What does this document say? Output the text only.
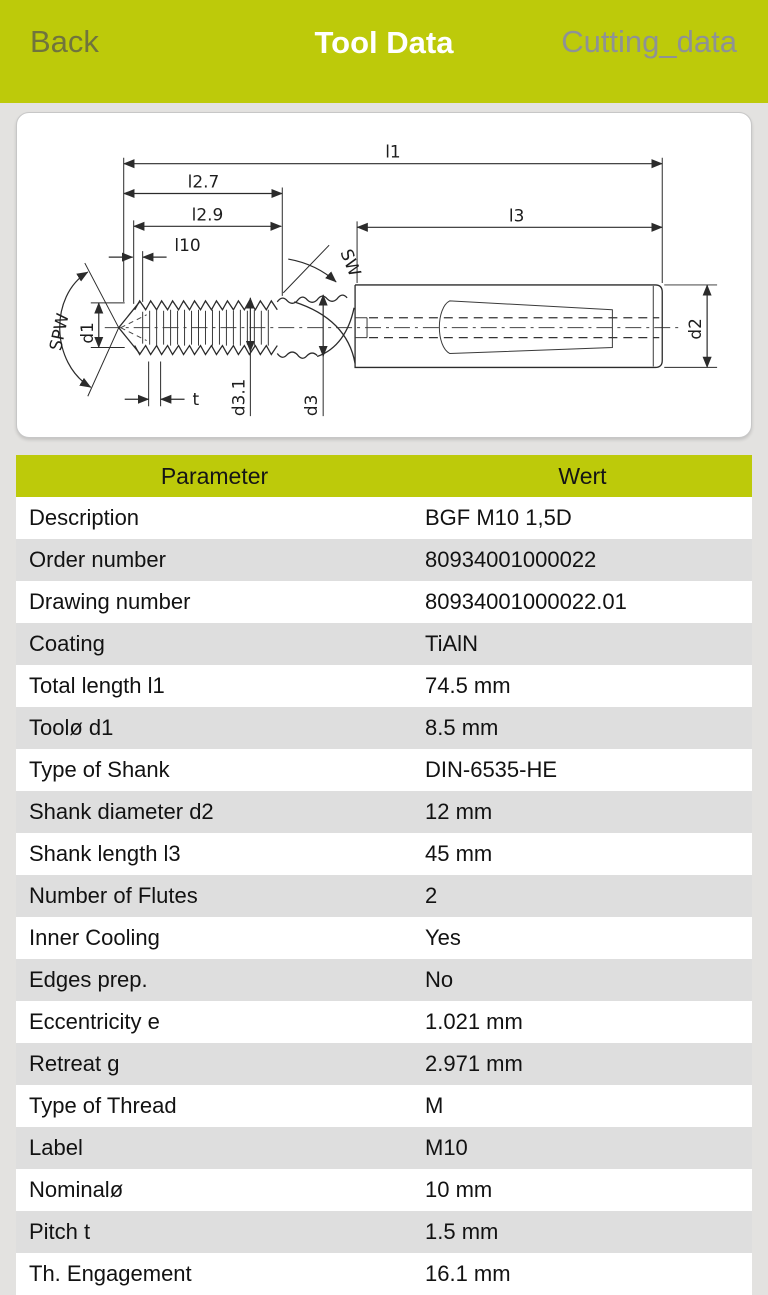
Back	Tool Data	Cutting_data
l1
l2.7
l2.9
l10
l3
d1
t d3.1	d3
d2
SW
SPW
Parameter	Wert
Description	BGF M10 1,5D
Order number	80934001000022
Drawing number	80934001000022.01
Coating	TiAlN
Total length l1	74.5 mm
Toolø d1	8.5 mm
Type of Shank	DIN-6535-HE
Shank diameter d2	12 mm
Shank length l3	45 mm
Number of Flutes	2
Inner Cooling	Yes
Edges prep.	No
Eccentricity e	1.021 mm
Retreat g	2.971 mm
Type of Thread	M
Label	M10
Nominalø	10 mm
Pitch t	1.5 mm
Th. Engagement	16.1 mm
